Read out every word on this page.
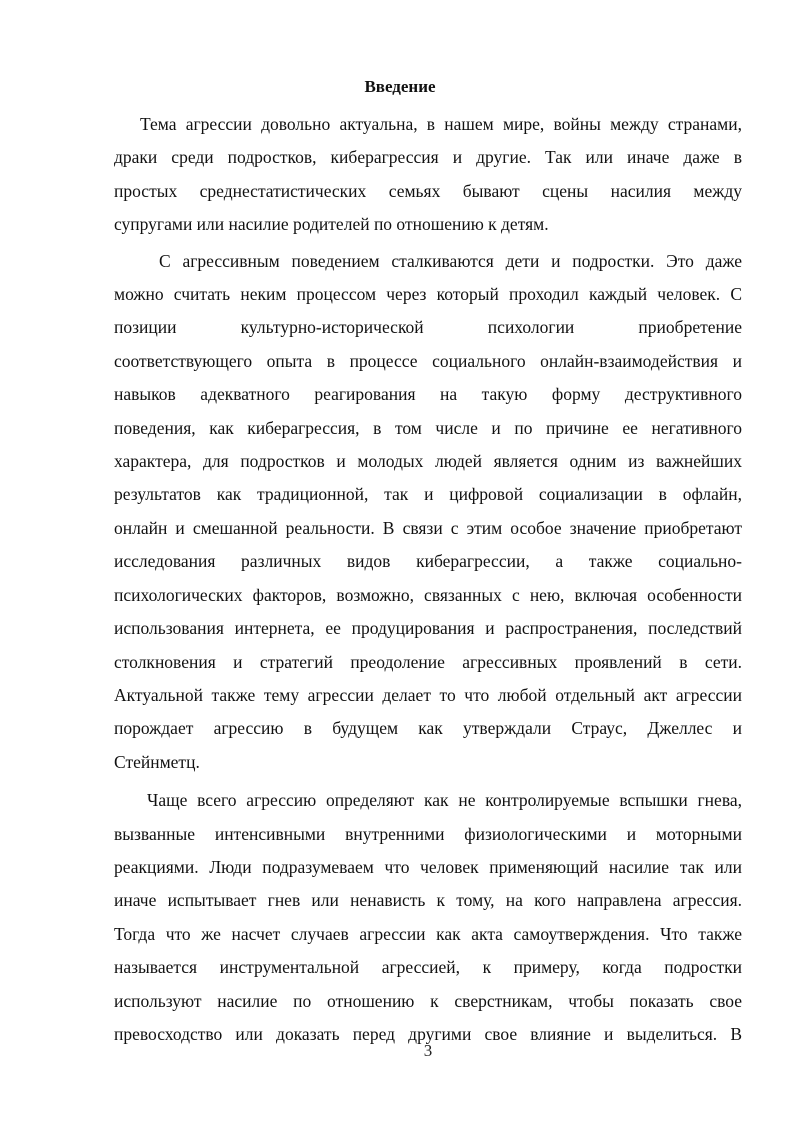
Введение

Тема агрессии довольно актуальна, в нашем мире, войны между странами,
драки среди подростков, кибeрагрессия и другие. Так или иначе даже в
простых среднестатистических семьях бывают сцены насилия между
супругами или насилие родителей по отношению к детям.

С агрессивным поведением сталкиваются дети и подростки. Это даже
можно считать неким процессом через который проходил каждый человек. С
позиции культурно-исторической психологии приобретение
соответствующего опыта в процессе социального онлайн-взаимодействия и
навыков адекватного реагирования на такую форму деструктивного
поведения, как киберагрессия, в том числе и по причине ее негативного
характера, для подростков и молодых людей является одним из важнейших
результатов как традиционной, так и цифровой социализации в офлайн,
онлайн и смешанной реальности. В связи с этим особое значение приобретают
исследования различных видов киберагрессии, а также социально-
психологических факторов, возможно, связанных с нею, включая особенности
использования интернета, ее продуцирования и распространения, последствий
столкновения и стратегий преодоление агрессивных проявлений в сети.
Актуальной также тему агрессии делает то что любой отдельный акт агрессии
порождает агрессию в будущем как утверждали Страус, Джеллес и
Стейнметц.

Чаще всего агрессию определяют как не контролируемые вспышки гнева,
вызванные интенсивными внутренними физиологическими и моторными
реакциями. Люди подразумеваем что человек применяющий насилие так или
иначе испытывает гнев или ненависть к тому, на кого направлена агрессия.
Тогда что же насчет случаев агрессии как акта самоутверждения. Что также
называется инструментальной агрессией, к примеру, когда подростки
используют насилие по отношению к сверстникам, чтобы показать свое
превосходство или доказать перед другими свое влияние и выделиться. В

3
